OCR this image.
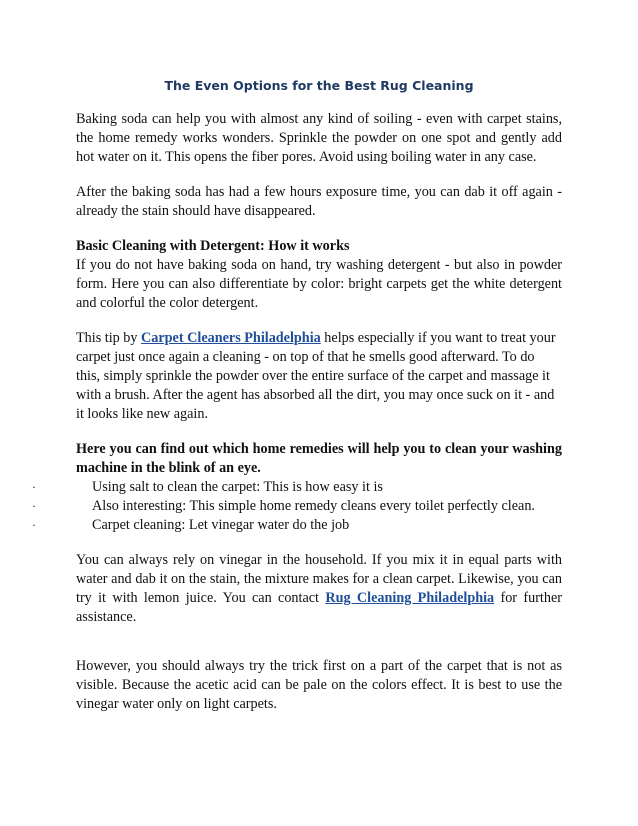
The Even Options for the Best Rug Cleaning

Baking soda can help you with almost any kind of soiling - even with carpet stains, the home remedy works wonders. Sprinkle the powder on one spot and gently add hot water on it. This opens the fiber pores. Avoid using boiling water in any case.

After the baking soda has had a few hours exposure time, you can dab it off again - already the stain should have disappeared.

Basic Cleaning with Detergent: How it works
If you do not have baking soda on hand, try washing detergent - but also in powder form. Here you can also differentiate by color: bright carpets get the white detergent and colorful the color detergent.

This tip by Carpet Cleaners Philadelphia helps especially if you want to treat your carpet just once again a cleaning - on top of that he smells good afterward. To do this, simply sprinkle the powder over the entire surface of the carpet and massage it with a brush. After the agent has absorbed all the dirt, you may once suck on it - and it looks like new again.

Here you can find out which home remedies will help you to clean your washing machine in the blink of an eye.

·	Using salt to clean the carpet: This is how easy it is
·	Also interesting: This simple home remedy cleans every toilet perfectly clean.
·	Carpet cleaning: Let vinegar water do the job

You can always rely on vinegar in the household. If you mix it in equal parts with water and dab it on the stain, the mixture makes for a clean carpet. Likewise, you can try it with lemon juice. You can contact Rug Cleaning Philadelphia for further assistance.

However, you should always try the trick first on a part of the carpet that is not as visible. Because the acetic acid can be pale on the colors effect. It is best to use the vinegar water only on light carpets.
